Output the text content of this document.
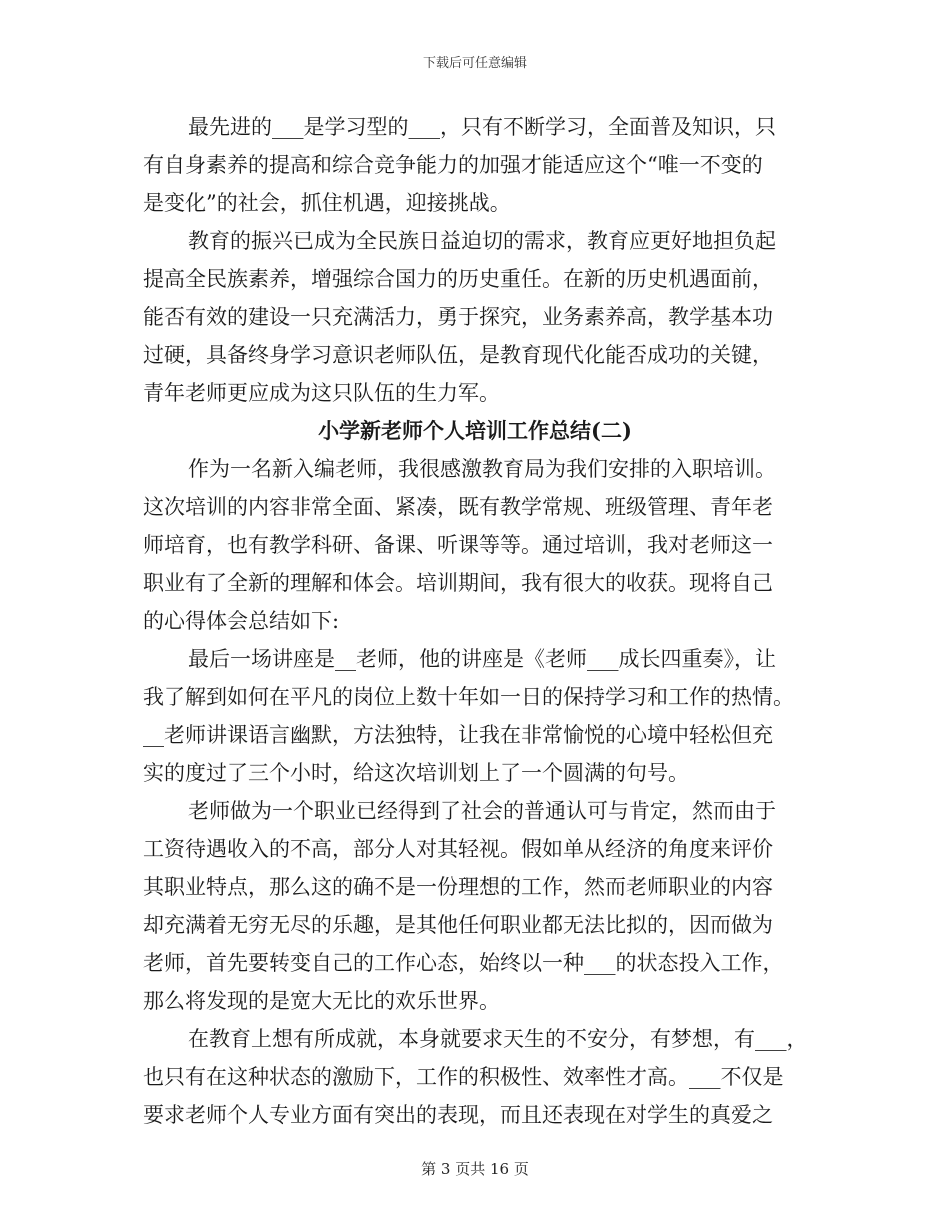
下载后可任意编辑
最先进的___是学习型的___，只有不断学习，全面普及知识，只
有自身素养的提高和综合竞争能力的加强才能适应这个“唯一不变的
是变化”的社会，抓住机遇，迎接挑战。
教育的振兴已成为全民族日益迫切的需求，教育应更好地担负起
提高全民族素养，增强综合国力的历史重任。在新的历史机遇面前，
能否有效的建设一只充满活力，勇于探究，业务素养高，教学基本功
过硬，具备终身学习意识老师队伍，是教育现代化能否成功的关键，
青年老师更应成为这只队伍的生力军。
小学新老师个人培训工作总结(二)
作为一名新入编老师，我很感激教育局为我们安排的入职培训。
这次培训的内容非常全面、紧凑，既有教学常规、班级管理、青年老
师培育，也有教学科研、备课、听课等等。通过培训，我对老师这一
职业有了全新的理解和体会。培训期间，我有很大的收获。现将自己
的心得体会总结如下:
最后一场讲座是__老师，他的讲座是《老师___成长四重奏》，让
我了解到如何在平凡的岗位上数十年如一日的保持学习和工作的热情。
__老师讲课语言幽默，方法独特，让我在非常愉悦的心境中轻松但充
实的度过了三个小时，给这次培训划上了一个圆满的句号。
老师做为一个职业已经得到了社会的普通认可与肯定，然而由于
工资待遇收入的不高，部分人对其轻视。假如单从经济的角度来评价
其职业特点，那么这的确不是一份理想的工作，然而老师职业的内容
却充满着无穷无尽的乐趣，是其他任何职业都无法比拟的，因而做为
老师，首先要转变自己的工作心态，始终以一种___的状态投入工作，
那么将发现的是宽大无比的欢乐世界。
在教育上想有所成就，本身就要求天生的不安分，有梦想，有___，
也只有在这种状态的激励下，工作的积极性、效率性才高。___不仅是
要求老师个人专业方面有突出的表现，而且还表现在对学生的真爱之
第 3 页共 16 页
